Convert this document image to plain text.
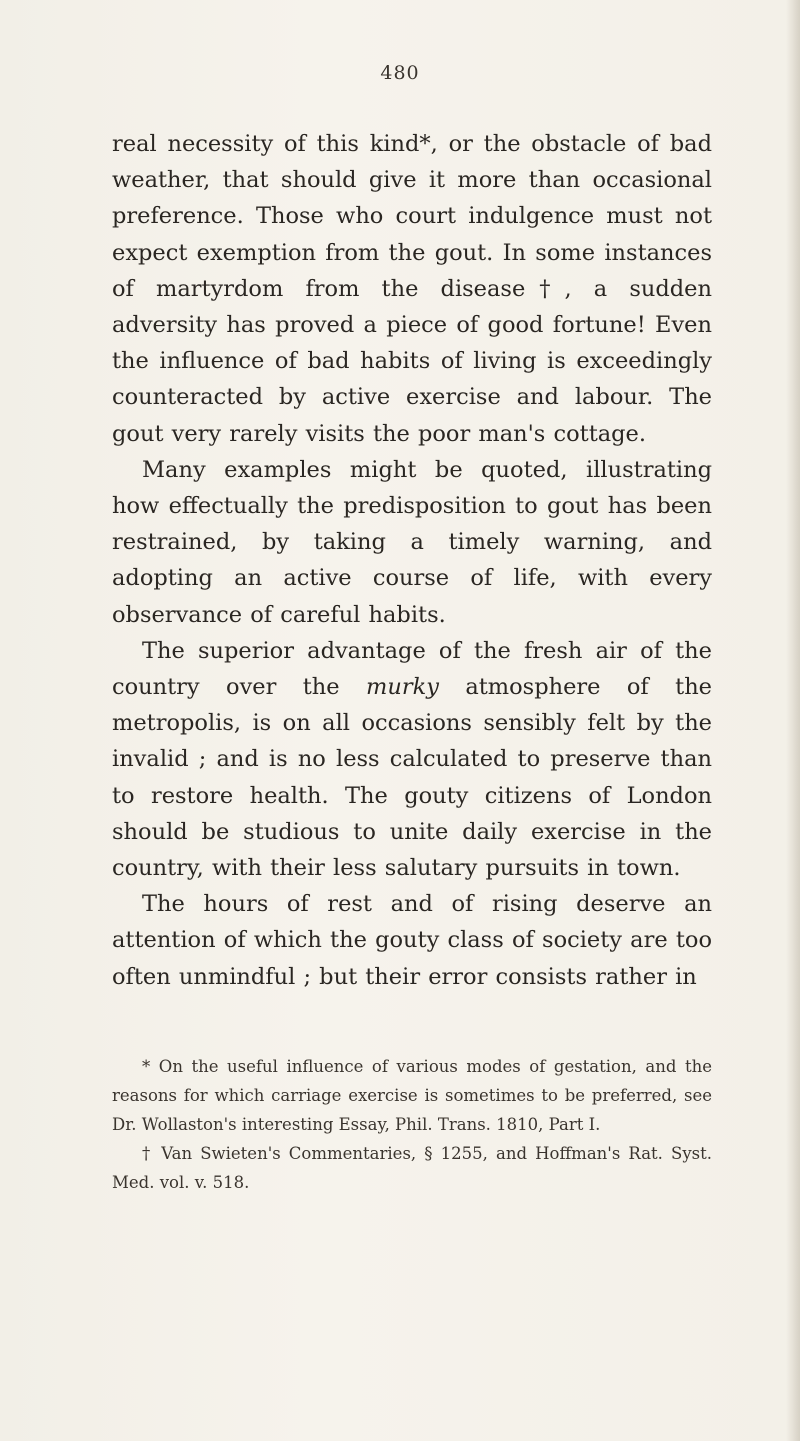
480

real necessity of this kind*, or the obstacle of bad weather, that should give it more than occasional preference. Those who court indulgence must not expect exemption from the gout. In some instances of martyrdom from the disease†, a sudden adversity has proved a piece of good fortune! Even the influence of bad habits of living is exceedingly counteracted by active exercise and labour. The gout very rarely visits the poor man's cottage.

Many examples might be quoted, illustrating how effectually the predisposition to gout has been restrained, by taking a timely warning, and adopting an active course of life, with every observance of careful habits.

The superior advantage of the fresh air of the country over the murky atmosphere of the metropolis, is on all occasions sensibly felt by the invalid ; and is no less calculated to preserve than to restore health. The gouty citizens of London should be studious to unite daily exercise in the country, with their less salutary pursuits in town.

The hours of rest and of rising deserve an attention of which the gouty class of society are too often unmindful ; but their error consists rather in

* On the useful influence of various modes of gestation, and the reasons for which carriage exercise is sometimes to be preferred, see Dr. Wollaston's interesting Essay, Phil. Trans. 1810, Part I.

† Van Swieten's Commentaries, § 1255, and Hoffman's Rat. Syst. Med. vol. v. 518.
